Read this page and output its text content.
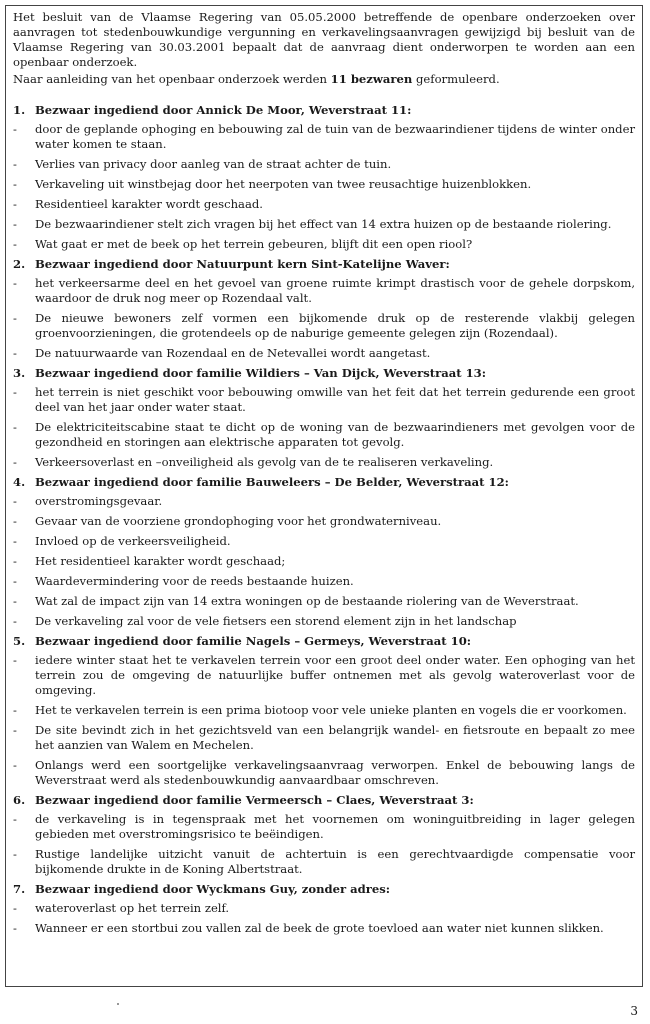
Het besluit van de Vlaamse Regering van 05.05.2000 betreffende de openbare onderzoeken over aanvragen tot stedenbouwkundige vergunning en verkavelingsaanvragen gewijzigd bij besluit van de Vlaamse Regering van 30.03.2001 bepaalt dat de aanvraag dient onderworpen te worden aan een openbaar onderzoek.

Naar aanleiding van het openbaar onderzoek werden 11 bezwaren geformuleerd.

1. Bezwaar ingediend door Annick De Moor, Weverstraat 11:
-	door de geplande ophoging en bebouwing zal de tuin van de bezwaarindiener tijdens de winter onder water komen te staan.
-	Verlies van privacy door aanleg van de straat achter de tuin.
-	Verkaveling uit winstbejag door het neerpoten van twee reusachtige huizenblokken.
-	Residentieel karakter wordt geschaad.
-	De bezwaarindiener stelt zich vragen bij het effect van 14 extra huizen op de bestaande riolering.
-	Wat gaat er met de beek op het terrein gebeuren, blijft dit een open riool?
2. Bezwaar ingediend door Natuurpunt kern Sint-Katelijne Waver:
-	het verkeersarme deel en het gevoel van groene ruimte krimpt drastisch voor de gehele dorpskom, waardoor de druk nog meer op Rozendaal valt.
-	De nieuwe bewoners zelf vormen een bijkomende druk op de resterende vlakbij gelegen groenvoorzieningen, die grotendeels op de naburige gemeente gelegen zijn (Rozendaal).
-	De natuurwaarde van Rozendaal en de Netevallei wordt aangetast.
3. Bezwaar ingediend door familie Wildiers – Van Dijck, Weverstraat 13:
-	het terrein is niet geschikt voor bebouwing omwille van het feit dat het terrein gedurende een groot deel van het jaar onder water staat.
-	De elektriciteitscabine staat te dicht op de woning van de bezwaarindieners met gevolgen voor de gezondheid en storingen aan elektrische apparaten tot gevolg.
-	Verkeersoverlast en –onveiligheid als gevolg van de te realiseren verkaveling.
4. Bezwaar ingediend door familie Bauweleers – De Belder, Weverstraat 12:
-	overstromingsgevaar.
-	Gevaar van de voorziene grondophoging voor het grondwaterniveau.
-	Invloed op de verkeersveiligheid.
-	Het residentieel karakter wordt geschaad;
-	Waardevermindering voor de reeds bestaande huizen.
-	Wat zal de impact zijn van 14 extra woningen op de bestaande riolering van de Weverstraat.
-	De verkaveling zal voor de vele fietsers een storend element zijn in het landschap
5. Bezwaar ingediend door familie Nagels – Germeys, Weverstraat 10:
-	iedere winter staat het te verkavelen terrein voor een groot deel onder water. Een ophoging van het terrein zou de omgeving de natuurlijke buffer ontnemen met als gevolg wateroverlast voor de omgeving.
-	Het te verkavelen terrein is een prima biotoop voor vele unieke planten en vogels die er voorkomen.
-	De site bevindt zich in het gezichtsveld van een belangrijk wandel- en fietsroute en bepaalt zo mee het aanzien van Walem en Mechelen.
-	Onlangs werd een soortgelijke verkavelingsaanvraag verworpen. Enkel de bebouwing langs de Weverstraat werd als stedenbouwkundig aanvaardbaar omschreven.
6. Bezwaar ingediend door familie Vermeersch – Claes, Weverstraat 3:
-	de verkaveling is in tegenspraak met het voornemen om woninguitbreiding in lager gelegen gebieden met overstromingsrisico te beëindigen.
-	Rustige landelijke uitzicht vanuit de achtertuin is een gerechtvaardigde compensatie voor bijkomende drukte in de Koning Albertstraat.
7. Bezwaar ingediend door Wyckmans Guy, zonder adres:
-	wateroverlast op het terrein zelf.
-	Wanneer er een stortbui zou vallen zal de beek de grote toevloed aan water niet kunnen slikken.
3
